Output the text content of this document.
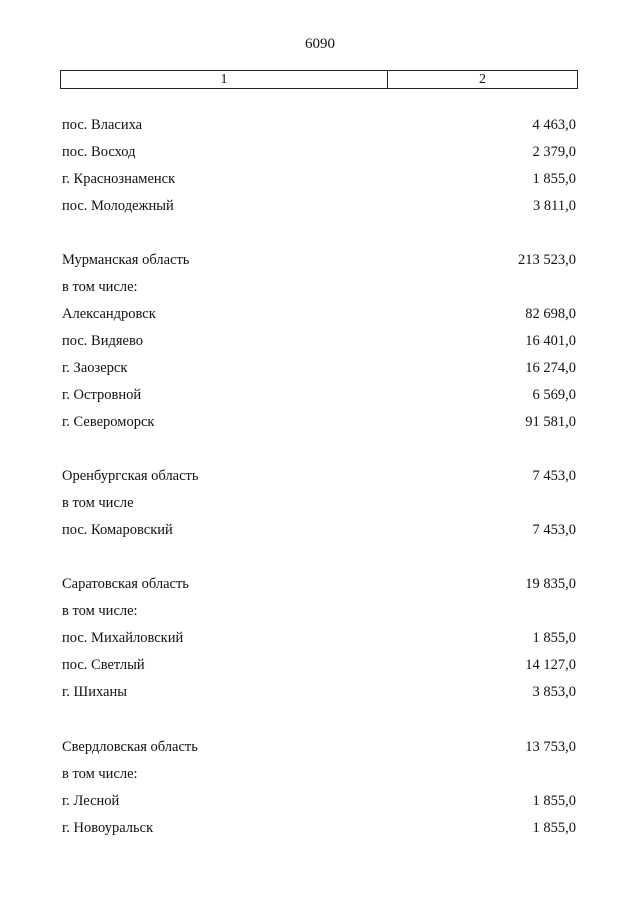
6090
1	2
пос. Власиха	4 463,0
пос. Восход	2 379,0
г. Краснознаменск	1 855,0
пос. Молодежный	3 811,0
Мурманская область	213 523,0
в том числе:
Александровск	82 698,0
пос. Видяево	16 401,0
г. Заозерск	16 274,0
г. Островной	6 569,0
г. Североморск	91 581,0
Оренбургская область	7 453,0
в том числе
пос. Комаровский	7 453,0
Саратовская область	19 835,0
в том числе:
пос. Михайловский	1 855,0
пос. Светлый	14 127,0
г. Шиханы	3 853,0
Свердловская область	13 753,0
в том числе:
г. Лесной	1 855,0
г. Новоуральск	1 855,0
